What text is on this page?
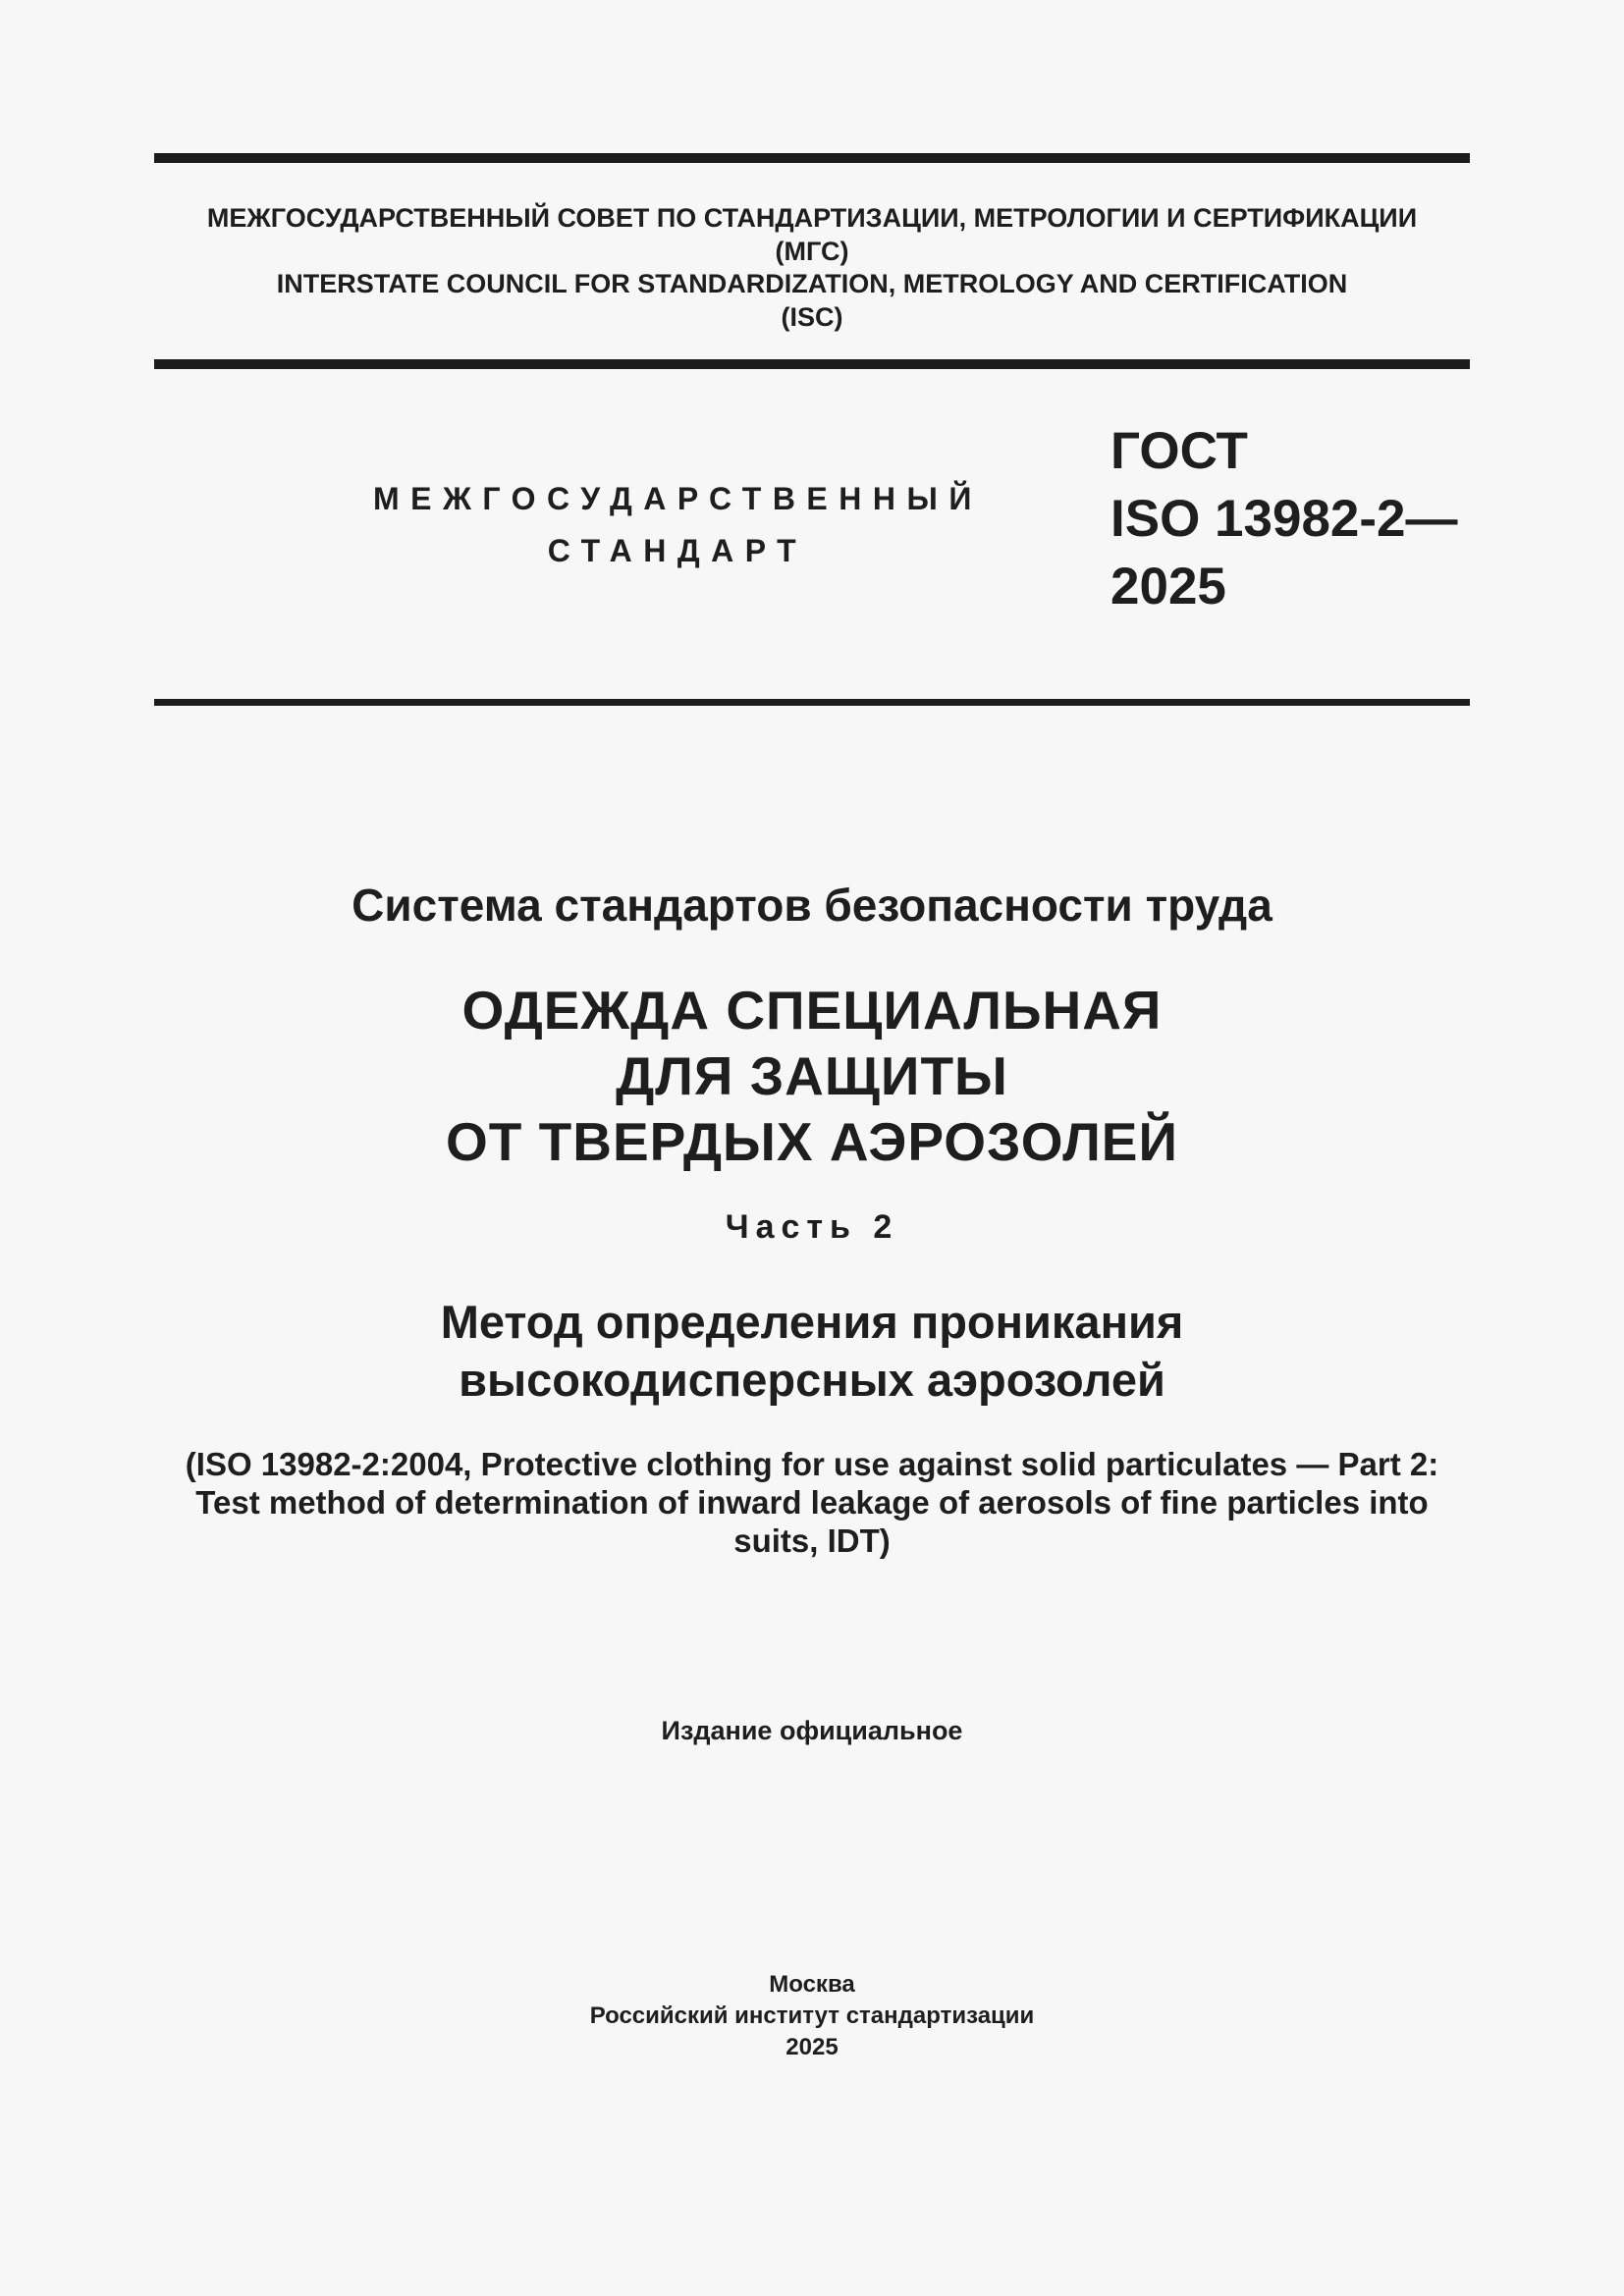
МЕЖГОСУДАРСТВЕННЫЙ СОВЕТ ПО СТАНДАРТИЗАЦИИ, МЕТРОЛОГИИ И СЕРТИФИКАЦИИ
(МГС)
INTERSTATE COUNCIL FOR STANDARDIZATION, METROLOGY AND CERTIFICATION
(ISC)
МЕЖГОСУДАРСТВЕННЫЙ
СТАНДАРТ
ГОСТ
ISO 13982-2—
2025
Система стандартов безопасности труда
ОДЕЖДА СПЕЦИАЛЬНАЯ
ДЛЯ ЗАЩИТЫ
ОТ ТВЕРДЫХ АЭРОЗОЛЕЙ
Часть 2
Метод определения проникания
высокодисперсных аэрозолей
(ISO 13982-2:2004, Protective clothing for use against solid particulates — Part 2:
Test method of determination of inward leakage of aerosols of fine particles into
suits, IDT)
Издание официальное
Москва
Российский институт стандартизации
2025
